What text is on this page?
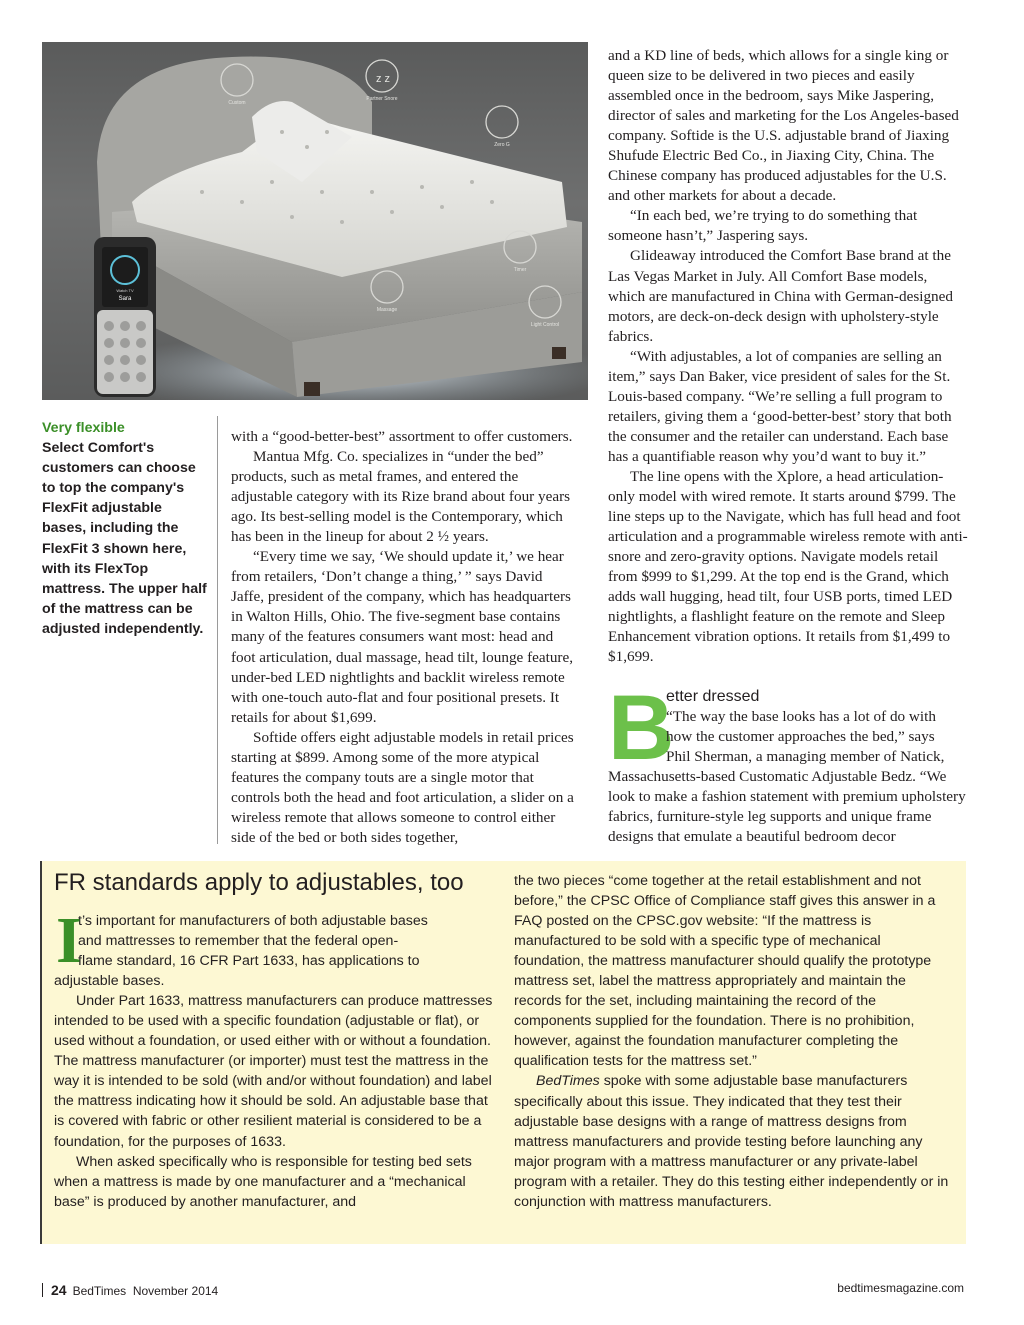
Custom
Partner Snore
Zero G
Timer
Massage
Light Control
z z
Watch TV
Sara
Very flexible
Select Comfort's customers can choose to top the company's FlexFit adjustable bases, including the FlexFit 3 shown here, with its FlexTop mattress. The upper half of the mattress can be adjusted independently.

with a “good-better-best” assortment to offer customers.

Mantua Mfg. Co. specializes in “under the bed” products, such as metal frames, and entered the adjustable category with its Rize brand about four years ago. Its best-selling model is the Contemporary, which has been in the lineup for about 2 ½ years.

“Every time we say, ‘We should update it,’ we hear from retailers, ‘Don’t change a thing,’ ” says David Jaffe, president of the company, which has headquarters in Walton Hills, Ohio. The five-segment base contains many of the features consumers want most: head and foot articulation, dual massage, head tilt, lounge feature, under-bed LED nightlights and backlit wireless remote with one-touch auto-flat and four positional presets. It retails for about $1,699.

Softide offers eight adjustable models in retail prices starting at $899. Among some of the more atypical features the company touts are a single motor that controls both the head and foot articulation, a slider on a wireless remote that allows someone to control either side of the bed or both sides together,

and a KD line of beds, which allows for a single king or queen size to be delivered in two pieces and easily assembled once in the bedroom, says Mike Jaspering, director of sales and marketing for the Los Angeles-based company. Softide is the U.S. adjustable brand of Jiaxing Shufude Electric Bed Co., in Jiaxing City, China. The Chinese company has produced adjustables for the U.S. and other markets for about a decade.

“In each bed, we’re trying to do something that someone hasn’t,” Jaspering says.

Glideaway introduced the Comfort Base brand at the Las Vegas Market in July. All Comfort Base models, which are manufactured in China with German-designed motors, are deck-on-deck design with upholstery-style fabrics.

“With adjustables, a lot of companies are selling an item,” says Dan Baker, vice president of sales for the St. Louis-based company. “We’re selling a full program to retailers, giving them a ‘good-better-best’ story that both the consumer and the retailer can understand. Each base has a quantifiable reason why you’d want to buy it.”

The line opens with the Xplore, a head articulation-only model with wired remote. It starts around $799. The line steps up to the Navigate, which has full head and foot articulation and a programmable wireless remote with anti-snore and zero-gravity options. Navigate models retail from $999 to $1,299. At the top end is the Grand, which adds wall hugging, head tilt, four USB ports, timed LED nightlights, a flashlight feature on the remote and Sleep Enhancement vibration options. It retails from $1,499 to $1,699.

B
etter dressed
“The way the base looks has a lot of do with
how the customer approaches the bed,” says
Phil Sherman, a managing member of Natick,
Massachusetts-based Customatic Adjustable Bedz. “We look to make a fashion statement with premium upholstery fabrics, furniture-style leg supports and unique frame designs that emulate a beautiful bedroom decor
FR standards apply to adjustables, too
I
t’s important for manufacturers of both adjustable bases
and mattresses to remember that the federal open-
flame standard, 16 CFR Part 1633, has applications to
adjustable bases.

Under Part 1633, mattress manufacturers can produce mattresses intended to be used with a specific foundation (adjustable or flat), or used without a foundation, or used either with or without a foundation. The mattress manufacturer (or importer) must test the mattress in the way it is intended to be sold (with and/or without foundation) and label the mattress indicating how it should be sold. An adjustable base that is covered with fabric or other resilient material is considered to be a foundation, for the purposes of 1633.

When asked specifically who is responsible for testing bed sets when a mattress is made by one manufacturer and a “mechanical base” is produced by another manufacturer, and

the two pieces “come together at the retail establishment and not before,” the CPSC Office of Compliance staff gives this answer in a FAQ posted on the CPSC.gov website: “If the mattress is manufactured to be sold with a specific type of mechanical foundation, the mattress manufacturer should qualify the prototype mattress set, label the mattress appropriately and maintain the records for the set, including maintaining the record of the components supplied for the foundation. There is no prohibition, however, against the foundation manufacturer completing the qualification tests for the mattress set.”

BedTimes spoke with some adjustable base manufacturers specifically about this issue. They indicated that they test their adjustable base designs with a range of mattress designs from mattress manufacturers and provide testing before launching any major program with a mattress manufacturer or any private-label program with a retailer. They do this testing either independently or in conjunction with mattress manufacturers.

24 BedTimes November 2014	bedtimesmagazine.com
